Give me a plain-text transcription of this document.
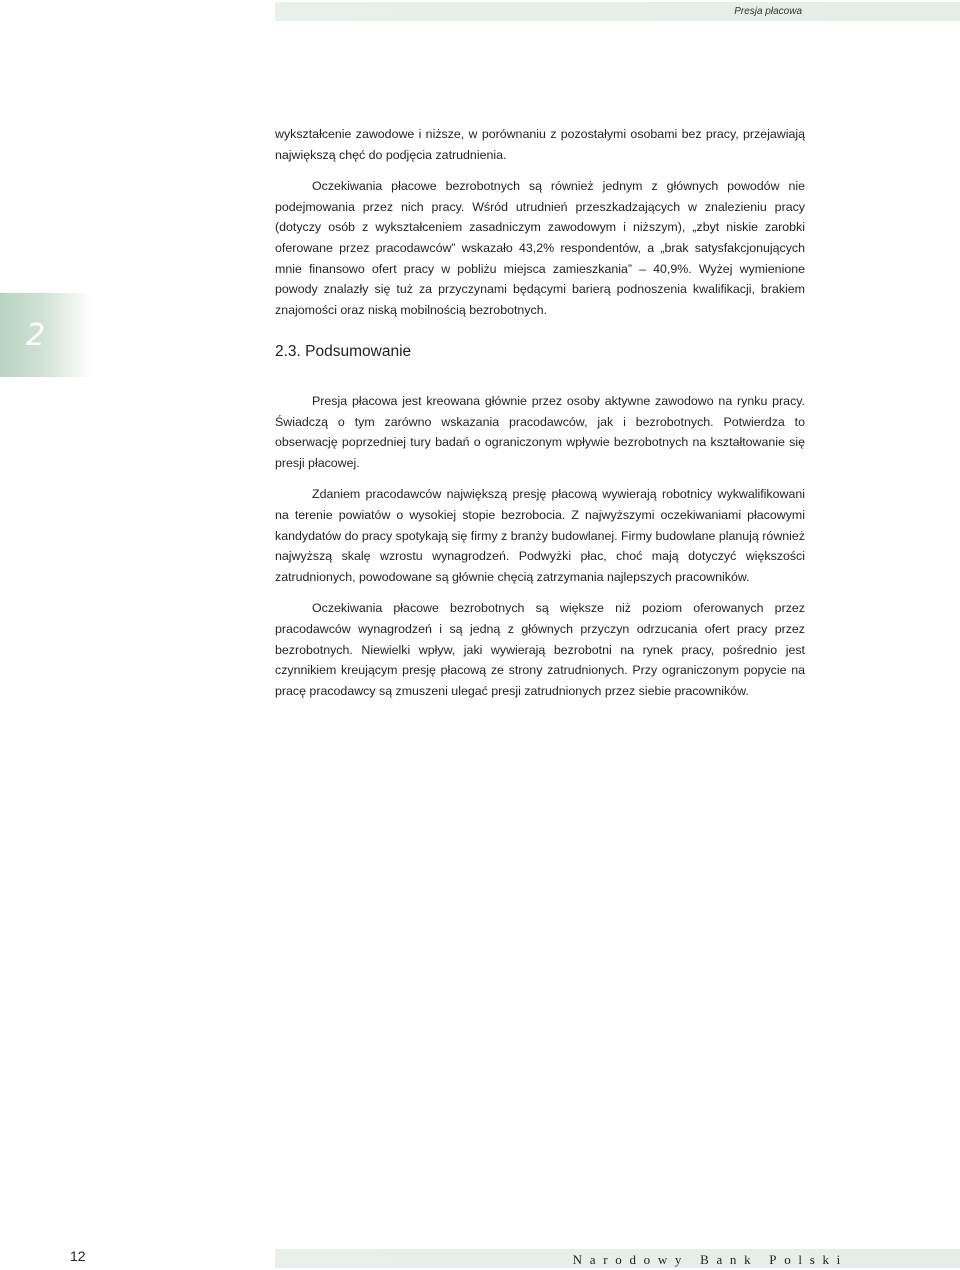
Presja płacowa
2

wykształcenie zawodowe i niższe, w porównaniu z pozostałymi osobami bez pracy, przejawiają największą chęć do podjęcia zatrudnienia.

Oczekiwania płacowe bezrobotnych są również jednym z głównych powodów nie podejmowania przez nich pracy. Wśród utrudnień przeszkadzających w znalezieniu pracy (dotyczy osób z wykształceniem zasadniczym zawodowym i niższym), „zbyt niskie zarobki oferowane przez pracodawców” wskazało 43,2% respondentów, a „brak satysfakcjonujących mnie finansowo ofert pracy w pobliżu miejsca zamieszkania” – 40,9%. Wyżej wymienione powody znalazły się tuż za przyczynami będącymi barierą podnoszenia kwalifikacji, brakiem znajomości oraz niską mobilnością bezrobotnych.

2.3. Podsumowanie

Presja płacowa jest kreowana głównie przez osoby aktywne zawodowo na rynku pracy. Świadczą o tym zarówno wskazania pracodawców, jak i bezrobotnych. Potwierdza to obserwację poprzedniej tury badań o ograniczonym wpływie bezrobotnych na kształtowanie się presji płacowej.

Zdaniem pracodawców największą presję płacową wywierają robotnicy wykwalifikowani na terenie powiatów o wysokiej stopie bezrobocia. Z najwyższymi oczekiwaniami płacowymi kandydatów do pracy spotykają się firmy z branży budowlanej. Firmy budowlane planują również najwyższą skalę wzrostu wynagrodzeń. Podwyżki płac, choć mają dotyczyć większości zatrudnionych, powodowane są głównie chęcią zatrzymania najlepszych pracowników.

Oczekiwania płacowe bezrobotnych są większe niż poziom oferowanych przez pracodawców wynagrodzeń i są jedną z głównych przyczyn odrzucania ofert pracy przez bezrobotnych. Niewielki wpływ, jaki wywierają bezrobotni na rynek pracy, pośrednio jest czynnikiem kreującym presję płacową ze strony zatrudnionych. Przy ograniczonym popycie na pracę pracodawcy są zmuszeni ulegać presji zatrudnionych przez siebie pracowników.

12	Narodowy Bank Polski
